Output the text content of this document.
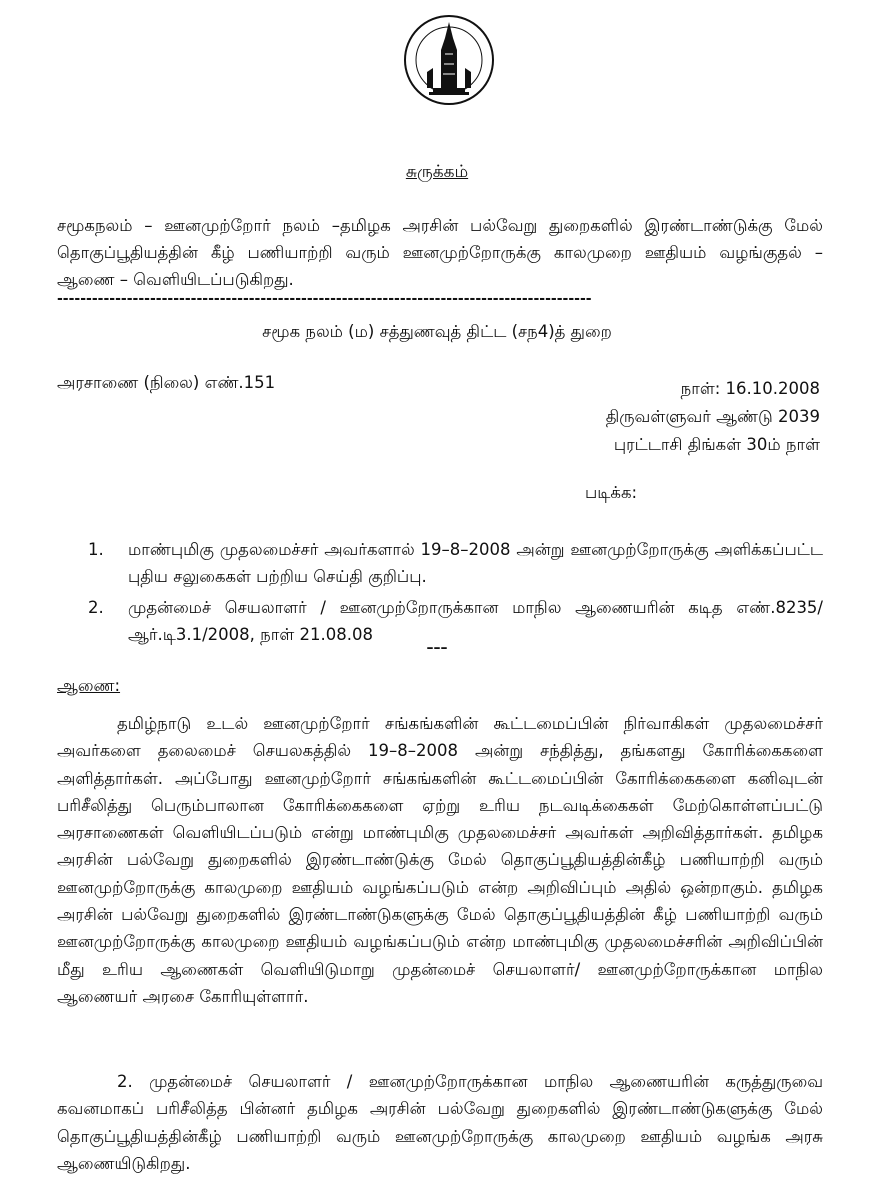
சுருக்கம்
சமூகநலம் – ஊனமுற்றோர் நலம் –தமிழக அரசின் பல்வேறு துறைகளில் இரண்டாண்டுக்கு மேல் தொகுப்பூதியத்தின் கீழ் பணியாற்றி வரும் ஊனமுற்றோருக்கு காலமுறை ஊதியம் வழங்குதல் – ஆணை – வெளியிடப்படுகிறது.
--------------------------------------------------------------------------------------------
சமூக நலம் (ம) சத்துணவுத் திட்ட (சந4)த் துறை
அரசாணை (நிலை) எண்.151	நாள்: 16.10.2008
திருவள்ளுவர் ஆண்டு 2039
புரட்டாசி திங்கள் 30ம் நாள்
படிக்க:
1.	மாண்புமிகு முதலமைச்சர் அவர்களால் 19–8–2008 அன்று ஊனமுற்றோருக்கு அளிக்கப்பட்ட புதிய சலுகைகள் பற்றிய செய்தி குறிப்பு.
2.	முதன்மைச் செயலாளர் / ஊனமுற்றோருக்கான மாநில ஆணையரின் கடித எண்.8235/ஆர்.டி3.1/2008, நாள் 21.08.08
–––
ஆணை:
தமிழ்நாடு உடல் ஊனமுற்றோர் சங்கங்களின் கூட்டமைப்பின் நிர்வாகிகள் முதலமைச்சர் அவர்களை தலைமைச் செயலகத்தில் 19–8–2008 அன்று சந்தித்து, தங்களது கோரிக்கைகளை அளித்தார்கள். அப்போது ஊனமுற்றோர் சங்கங்களின் கூட்டமைப்பின் கோரிக்கைகளை கனிவுடன் பரிசீலித்து பெரும்பாலான கோரிக்கைகளை ஏற்று உரிய நடவடிக்கைகள் மேற்கொள்ளப்பட்டு அரசாணைகள் வெளியிடப்படும் என்று மாண்புமிகு முதலமைச்சர் அவர்கள் அறிவித்தார்கள். தமிழக அரசின் பல்வேறு துறைகளில் இரண்டாண்டுக்கு மேல் தொகுப்பூதியத்தின்கீழ் பணியாற்றி வரும் ஊனமுற்றோருக்கு காலமுறை ஊதியம் வழங்கப்படும் என்ற அறிவிப்பும் அதில் ஒன்றாகும். தமிழக அரசின் பல்வேறு துறைகளில் இரண்டாண்டுகளுக்கு மேல் தொகுப்பூதியத்தின் கீழ் பணியாற்றி வரும் ஊனமுற்றோருக்கு காலமுறை ஊதியம் வழங்கப்படும் என்ற மாண்புமிகு முதலமைச்சரின் அறிவிப்பின் மீது உரிய ஆணைகள் வெளியிடுமாறு முதன்மைச் செயலாளர்/ ஊனமுற்றோருக்கான மாநில ஆணையர் அரசை கோரியுள்ளார்.
2. முதன்மைச் செயலாளர் / ஊனமுற்றோருக்கான மாநில ஆணையரின் கருத்துருவை கவனமாகப் பரிசீலித்த பின்னர் தமிழக அரசின் பல்வேறு துறைகளில் இரண்டாண்டுகளுக்கு மேல் தொகுப்பூதியத்தின்கீழ் பணியாற்றி வரும் ஊனமுற்றோருக்கு காலமுறை ஊதியம் வழங்க அரசு ஆணையிடுகிறது.
